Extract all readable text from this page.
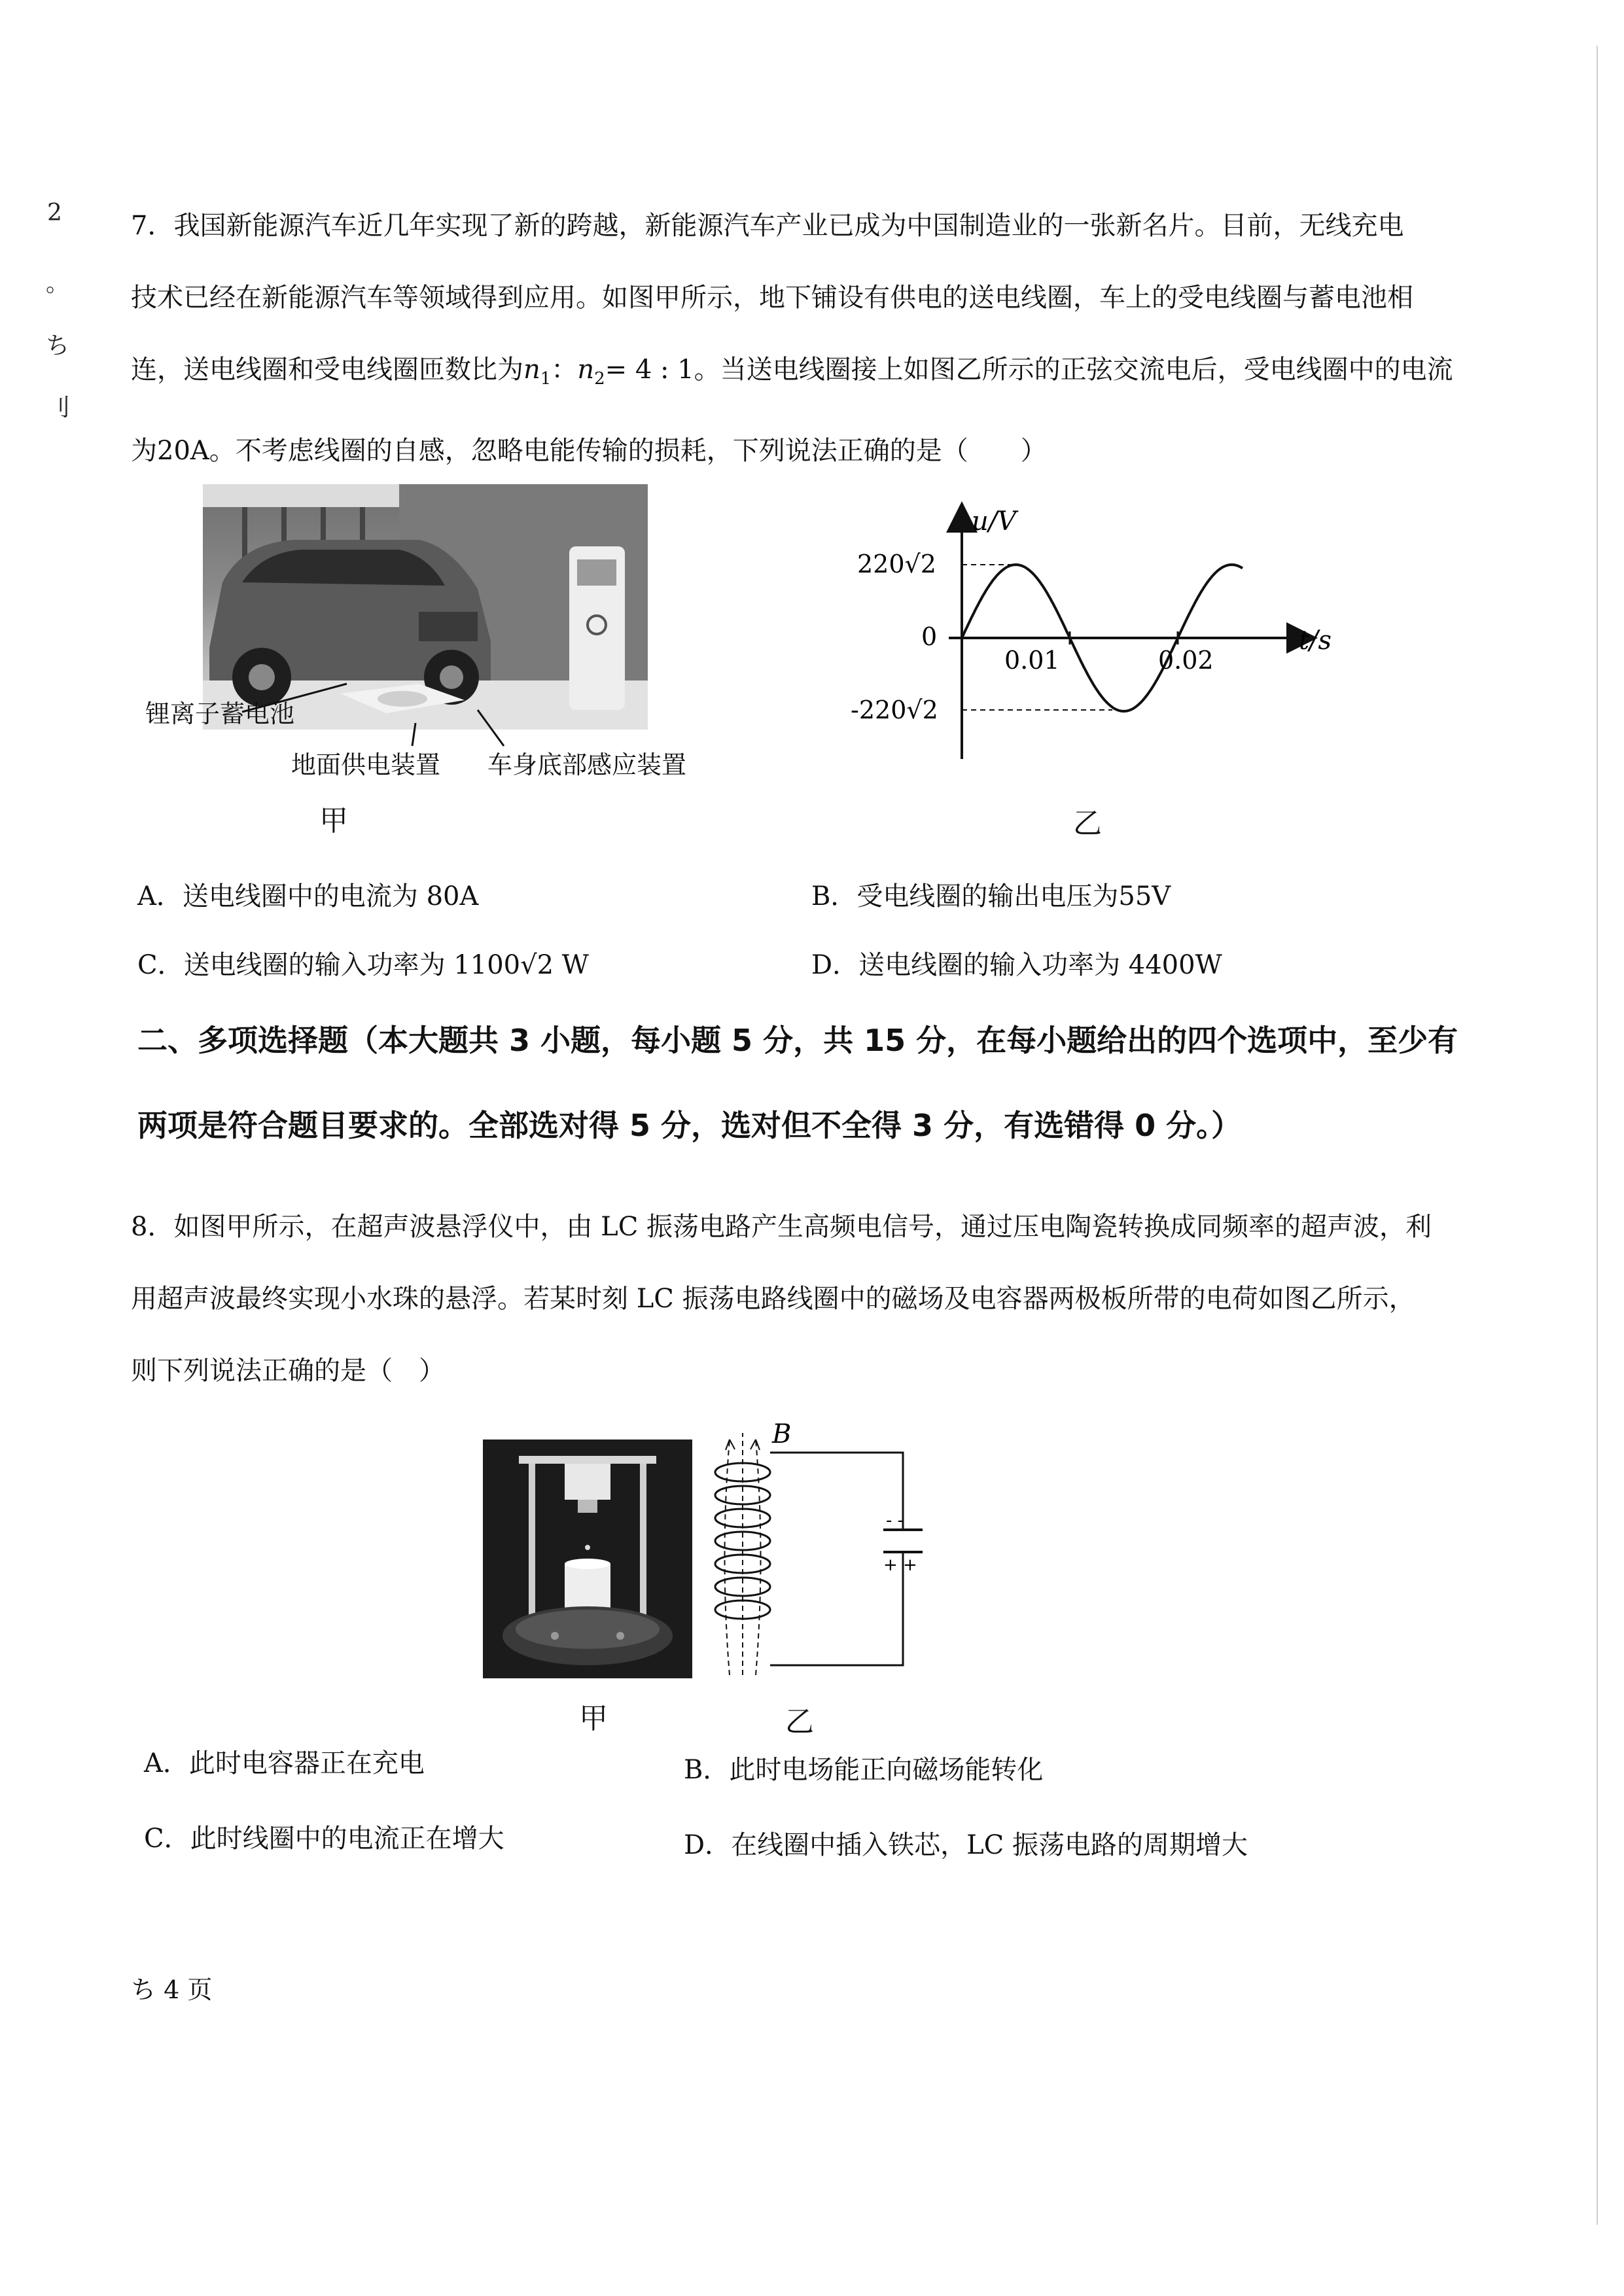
2
。
ち
刂
7．我国新能源汽车近几年实现了新的跨越，新能源汽车产业已成为中国制造业的一张新名片。目前，无线充电
技术已经在新能源汽车等领域得到应用。如图甲所示，地下铺设有供电的送电线圈，车上的受电线圈与蓄电池相
连，送电线圈和受电线圈匝数比为$n_1$：$n_2= 4$ : 1。当送电线圈接上如图乙所示的正弦交流电后，受电线圈中的电流
为20A。不考虑线圈的自感，忽略电能传输的损耗，下列说法正确的是（　　）
锂离子蓄电池
地面供电装置 车身底部感应装置
甲
0
220√2
-220√2
0.01	0.02
u/V
t/s
乙
A．送电线圈中的电流为 80A	B．受电线圈的输出电压为55V
C．送电线圈的输入功率为 1100√2 W	D．送电线圈的输入功率为 4400W
二、多项选择题（本大题共 3 小题，每小题 5 分，共 15 分，在每小题给出的四个选项中，至少有
两项是符合题目要求的。全部选对得 5 分，选对但不全得 3 分，有选错得 0 分。）
8．如图甲所示，在超声波悬浮仪中，由 LC 振荡电路产生高频电信号，通过压电陶瓷转换成同频率的超声波，利
用超声波最终实现小水珠的悬浮。若某时刻 LC 振荡电路线圈中的磁场及电容器两极板所带的电荷如图乙所示，
则下列说法正确的是（　）
甲
B
- -
+ +
乙
A．此时电容器正在充电	B．此时电场能正向磁场能转化
C．此时线圈中的电流正在增大	D．在线圈中插入铁芯，LC 振荡电路的周期增大
ち 4 页
